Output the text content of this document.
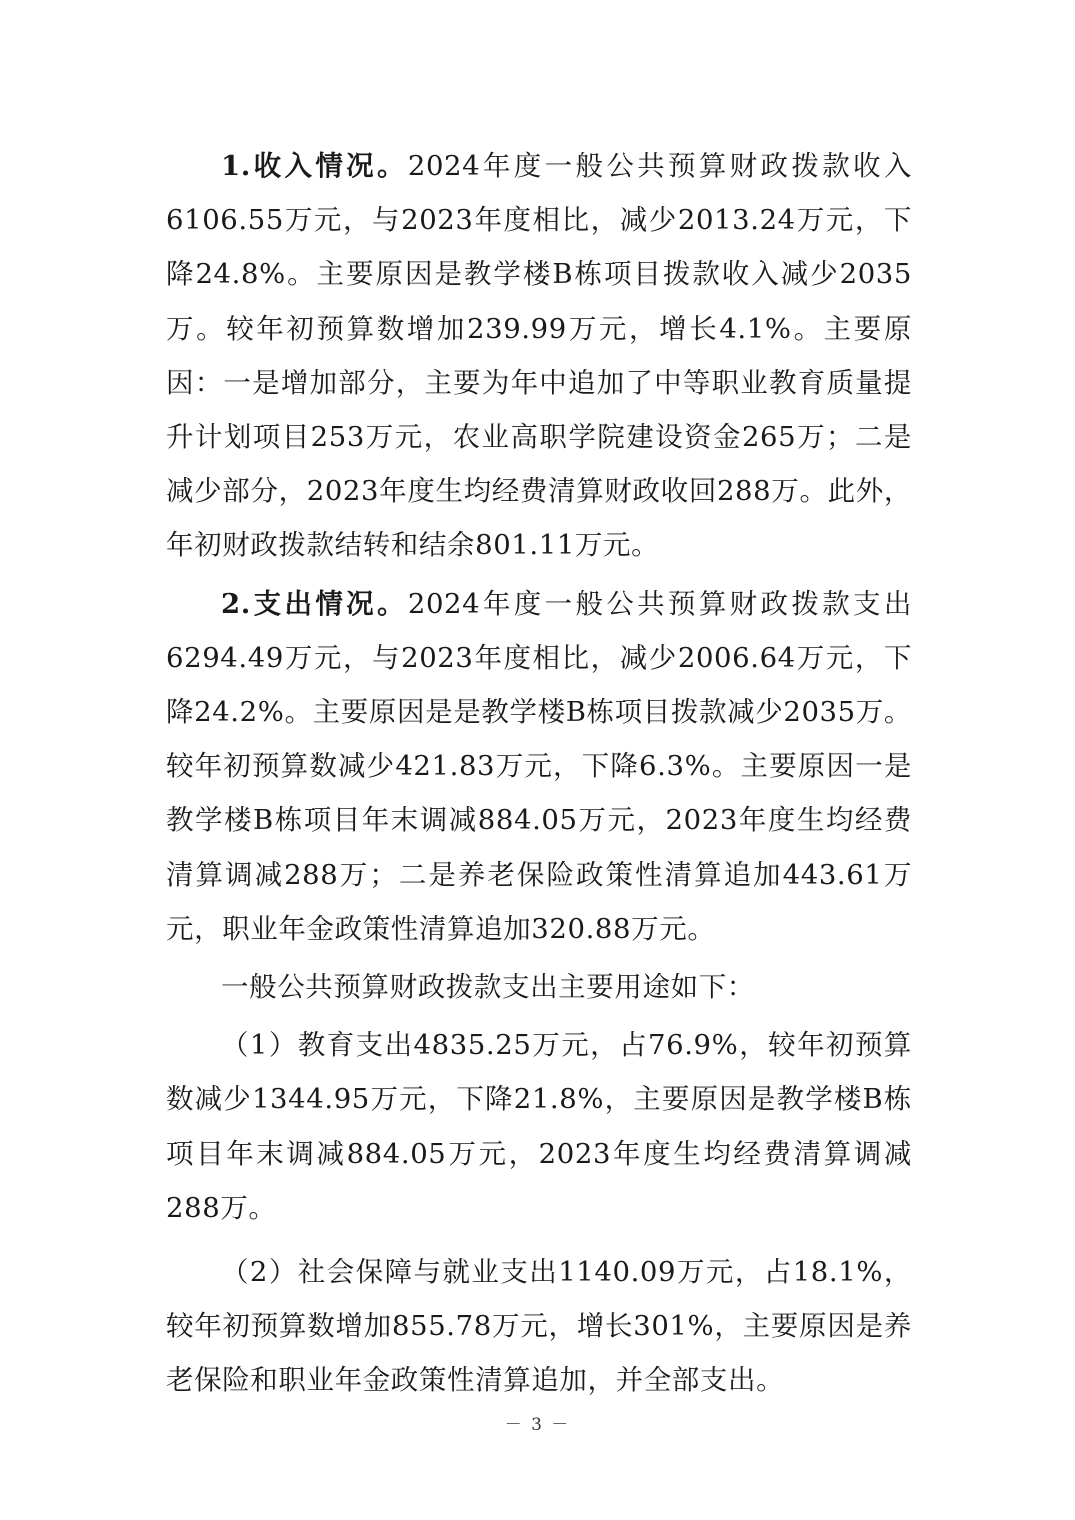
1.收入情况。2024年度一般公共预算财政拨款收入6106.55万元，与2023年度相比，减少2013.24万元，下降24.8%。主要原因是教学楼B栋项目拨款收入减少2035万。较年初预算数增加239.99万元，增长4.1%。主要原因：一是增加部分，主要为年中追加了中等职业教育质量提升计划项目253万元，农业高职学院建设资金265万；二是减少部分，2023年度生均经费清算财政收回288万。此外，年初财政拨款结转和结余801.11万元。

2.支出情况。2024年度一般公共预算财政拨款支出6294.49万元，与2023年度相比，减少2006.64万元，下降24.2%。主要原因是是教学楼B栋项目拨款减少2035万。较年初预算数减少421.83万元，下降6.3%。主要原因一是教学楼B栋项目年末调减884.05万元，2023年度生均经费清算调减288万；二是养老保险政策性清算追加443.61万元，职业年金政策性清算追加320.88万元。

一般公共预算财政拨款支出主要用途如下：

（1）教育支出4835.25万元，占76.9%，较年初预算数减少1344.95万元，下降21.8%，主要原因是教学楼B栋项目年末调减884.05万元，2023年度生均经费清算调减288万。

（2）社会保障与就业支出1140.09万元，占18.1%，较年初预算数增加855.78万元，增长301%，主要原因是养老保险和职业年金政策性清算追加，并全部支出。

－ 3 －
